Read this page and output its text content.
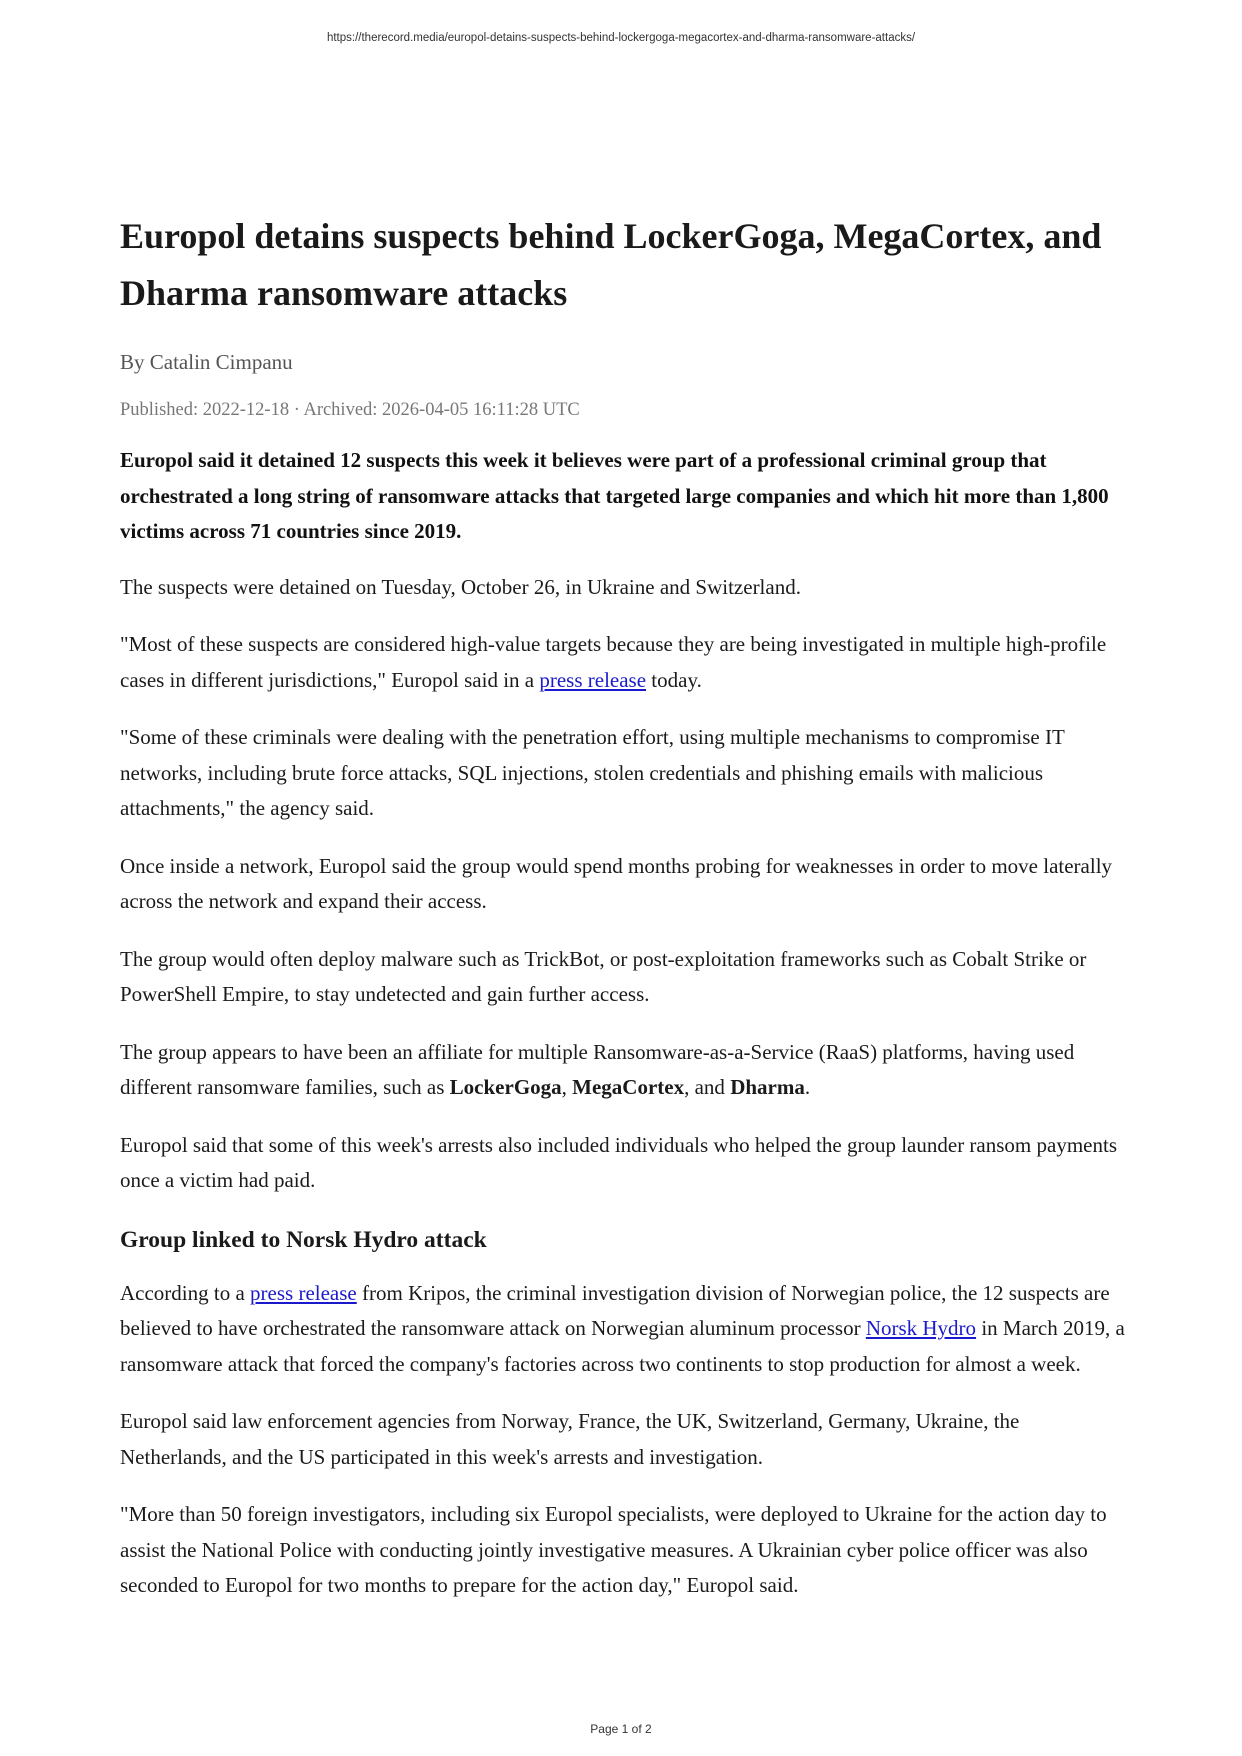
https://therecord.media/europol-detains-suspects-behind-lockergoga-megacortex-and-dharma-ransomware-attacks/
Europol detains suspects behind LockerGoga, MegaCortex, and Dharma ransomware attacks
By Catalin Cimpanu
Published: 2022-12-18 · Archived: 2026-04-05 16:11:28 UTC

Europol said it detained 12 suspects this week it believes were part of a professional criminal group that orchestrated a long string of ransomware attacks that targeted large companies and which hit more than 1,800 victims across 71 countries since 2019.

The suspects were detained on Tuesday, October 26, in Ukraine and Switzerland.

"Most of these suspects are considered high-value targets because they are being investigated in multiple high-profile cases in different jurisdictions," Europol said in a press release today.

"Some of these criminals were dealing with the penetration effort, using multiple mechanisms to compromise IT networks, including brute force attacks, SQL injections, stolen credentials and phishing emails with malicious attachments," the agency said.

Once inside a network, Europol said the group would spend months probing for weaknesses in order to move laterally across the network and expand their access.

The group would often deploy malware such as TrickBot, or post-exploitation frameworks such as Cobalt Strike or PowerShell Empire, to stay undetected and gain further access.

The group appears to have been an affiliate for multiple Ransomware-as-a-Service (RaaS) platforms, having used different ransomware families, such as LockerGoga, MegaCortex, and Dharma.

Europol said that some of this week's arrests also included individuals who helped the group launder ransom payments once a victim had paid.

Group linked to Norsk Hydro attack

According to a press release from Kripos, the criminal investigation division of Norwegian police, the 12 suspects are believed to have orchestrated the ransomware attack on Norwegian aluminum processor Norsk Hydro in March 2019, a ransomware attack that forced the company's factories across two continents to stop production for almost a week.

Europol said law enforcement agencies from Norway, France, the UK, Switzerland, Germany, Ukraine, the Netherlands, and the US participated in this week's arrests and investigation.

"More than 50 foreign investigators, including six Europol specialists, were deployed to Ukraine for the action day to assist the National Police with conducting jointly investigative measures. A Ukrainian cyber police officer was also seconded to Europol for two months to prepare for the action day," Europol said.

Page 1 of 2
